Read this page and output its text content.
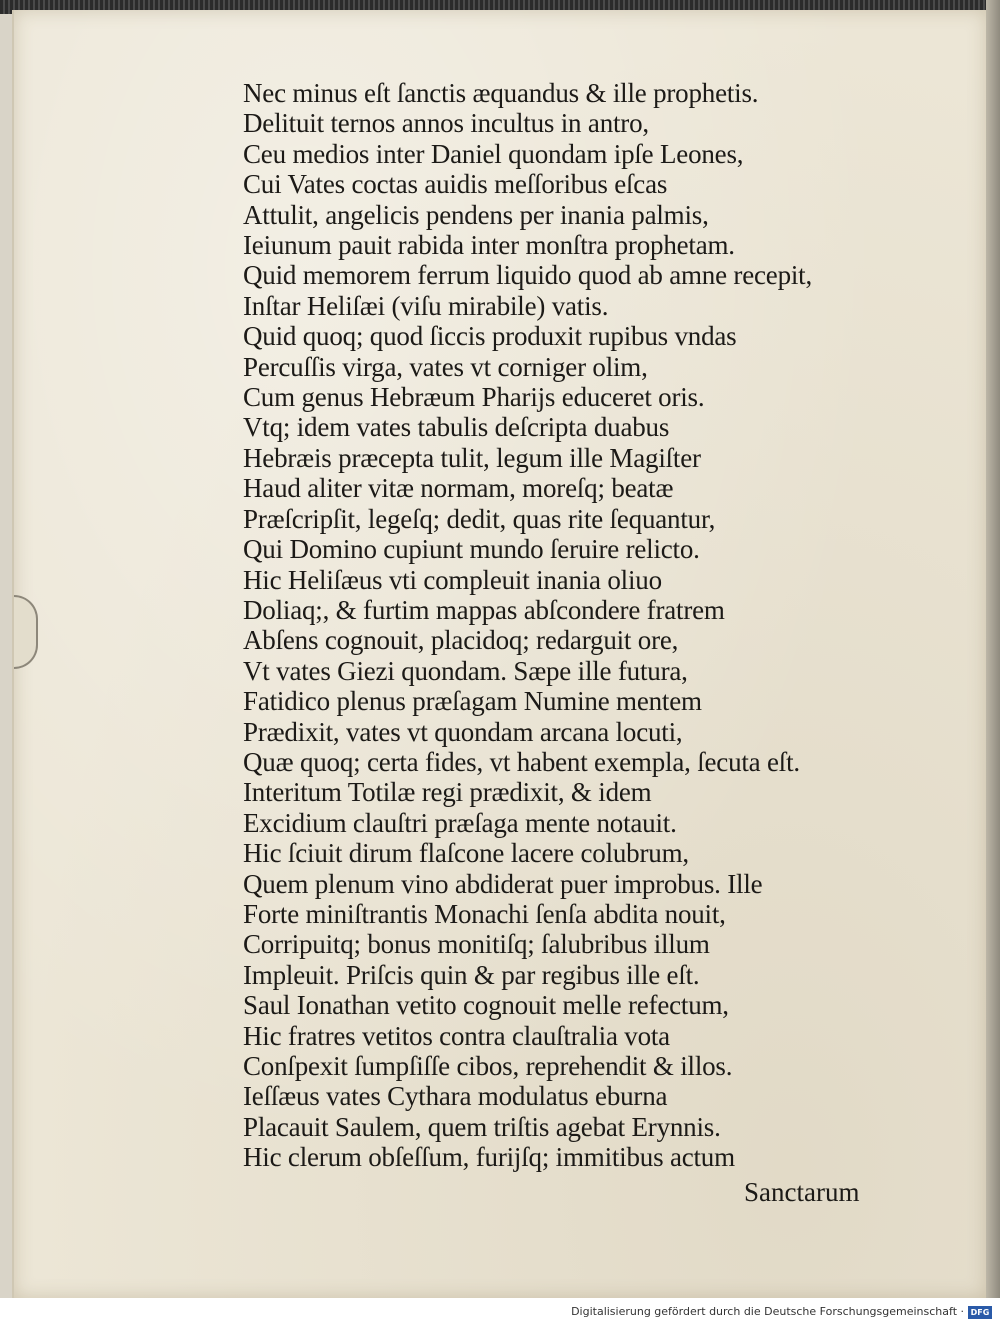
Nec minus eſt ſanctis æquandus & ille prophetis.
Delituit ternos annos incultus in antro,
Ceu medios inter Daniel quondam ipſe Leones,
Cui Vates coctas auidis meſſoribus eſcas
Attulit, angelicis pendens per inania palmis,
Ieiunum pauit rabida inter monſtra prophetam.
Quid memorem ferrum liquido quod ab amne recepit,
Inſtar Heliſæi (viſu mirabile) vatis.
Quid quoq; quod ſiccis produxit rupibus vndas
Percuſſis virga, vates vt corniger olim,
Cum genus Hebræum Pharijs educeret oris.
Vtq; idem vates tabulis deſcripta duabus
Hebræis præcepta tulit, legum ille Magiſter
Haud aliter vitæ normam, moreſq; beatæ
Præſcripſit, legeſq; dedit, quas rite ſequantur,
Qui Domino cupiunt mundo ſeruire relicto.
Hic Heliſæus vti compleuit inania oliuo
Doliaq;, & furtim mappas abſcondere fratrem
Abſens cognouit, placidoq; redarguit ore,
Vt vates Giezi quondam. Sæpe ille futura,
Fatidico plenus præſagam Numine mentem
Prædixit, vates vt quondam arcana locuti,
Quæ quoq; certa fides, vt habent exempla, ſecuta eſt.
Interitum Totilæ regi prædixit, & idem
Excidium clauſtri præſaga mente notauit.
Hic ſciuit dirum flaſcone lacere colubrum,
Quem plenum vino abdiderat puer improbus. Ille
Forte miniſtrantis Monachi ſenſa abdita nouit,
Corripuitq; bonus monitiſq; ſalubribus illum
Impleuit. Priſcis quin & par regibus ille eſt.
Saul Ionathan vetito cognouit melle refectum,
Hic fratres vetitos contra clauſtralia vota
Conſpexit ſumpſiſſe cibos, reprehendit & illos.
Ieſſæus vates Cythara modulatus eburna
Placauit Saulem, quem triſtis agebat Erynnis.
Hic clerum obſeſſum, furijſq; immitibus actum
Sanctarum
Digitalisierung gefördert durch die Deutsche Forschungsgemeinschaft · DFG
